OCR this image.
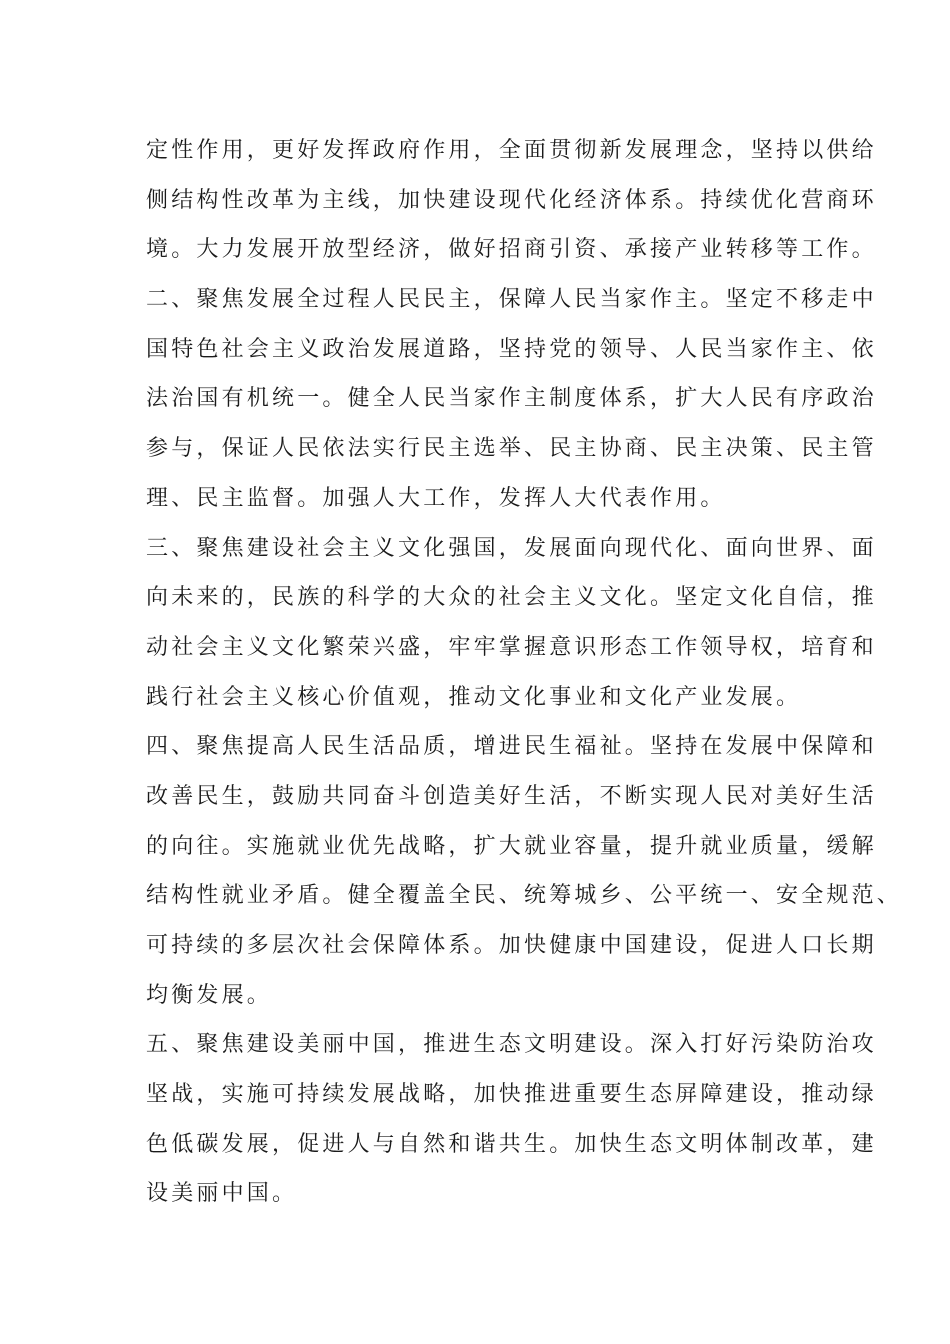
定性作用，更好发挥政府作用，全面贯彻新发展理念，坚持以供给
侧结构性改革为主线，加快建设现代化经济体系。持续优化营商环
境。大力发展开放型经济，做好招商引资、承接产业转移等工作。
二、聚焦发展全过程人民民主，保障人民当家作主。坚定不移走中
国特色社会主义政治发展道路，坚持党的领导、人民当家作主、依
法治国有机统一。健全人民当家作主制度体系，扩大人民有序政治
参与，保证人民依法实行民主选举、民主协商、民主决策、民主管
理、民主监督。加强人大工作，发挥人大代表作用。
三、聚焦建设社会主义文化强国，发展面向现代化、面向世界、面
向未来的，民族的科学的大众的社会主义文化。坚定文化自信，推
动社会主义文化繁荣兴盛，牢牢掌握意识形态工作领导权，培育和
践行社会主义核心价值观，推动文化事业和文化产业发展。
四、聚焦提高人民生活品质，增进民生福祉。坚持在发展中保障和
改善民生，鼓励共同奋斗创造美好生活，不断实现人民对美好生活
的向往。实施就业优先战略，扩大就业容量，提升就业质量，缓解
结构性就业矛盾。健全覆盖全民、统筹城乡、公平统一、安全规范、
可持续的多层次社会保障体系。加快健康中国建设，促进人口长期
均衡发展。
五、聚焦建设美丽中国，推进生态文明建设。深入打好污染防治攻
坚战，实施可持续发展战略，加快推进重要生态屏障建设，推动绿
色低碳发展，促进人与自然和谐共生。加快生态文明体制改革，建
设美丽中国。
